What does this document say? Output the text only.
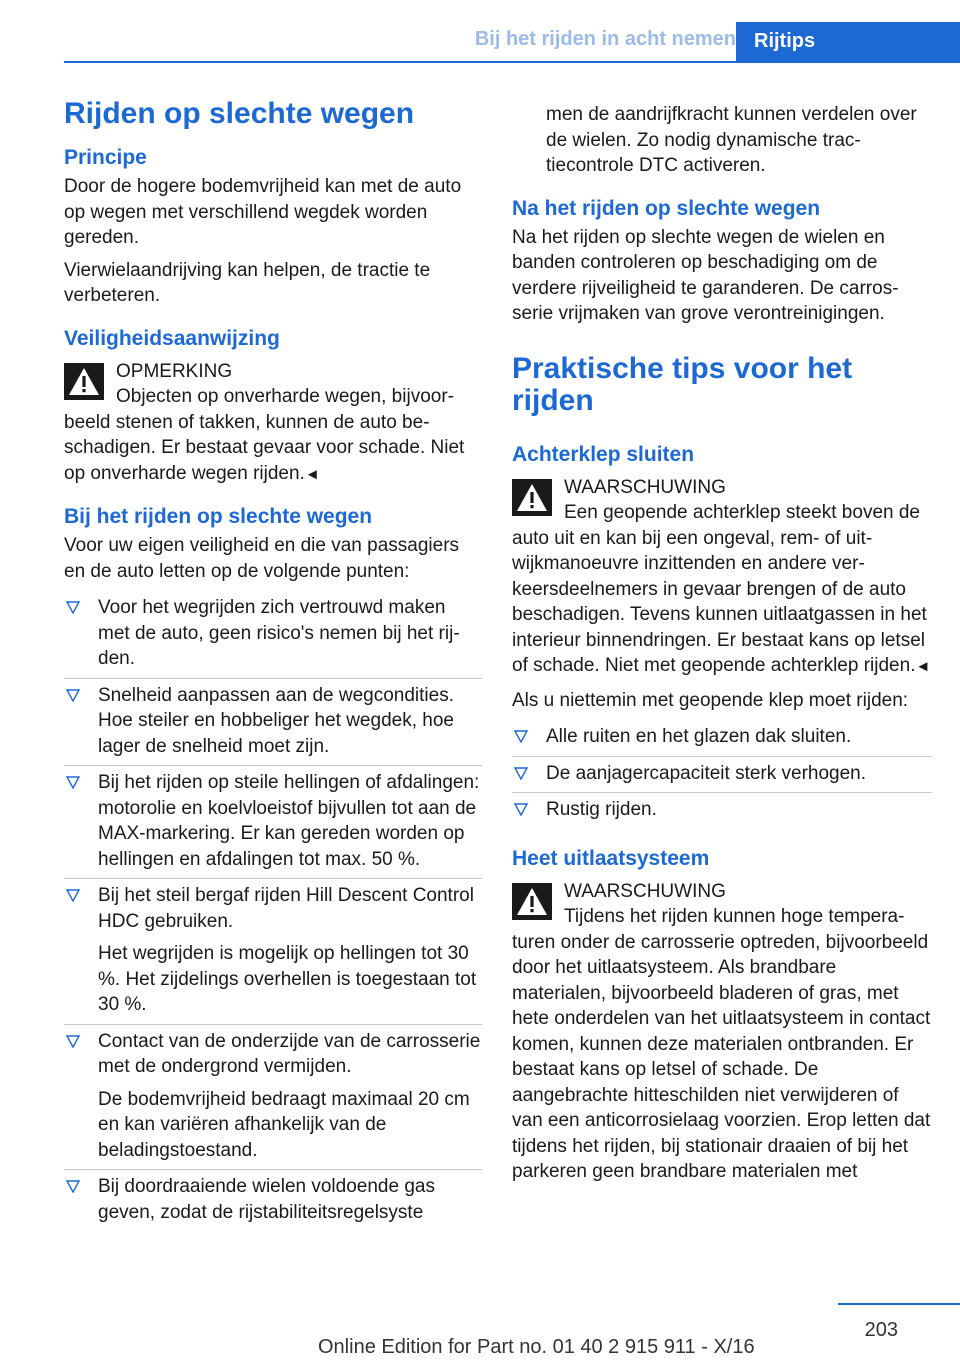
Bij het rijden in acht nemen Rijtips
Rijden op slechte wegen
Principe

Door de hogere bodemvrijheid kan met de auto op wegen met verschillend wegdek worden gereden.

Vierwielaandrijving kan helpen, de tractie te verbeteren.

Veiligheidsaanwijzing
OPMERKING
Objecten op onverharde wegen, bijvoorbeeld stenen of takken, kunnen de auto beschadigen. Er bestaat gevaar voor schade. Niet op onverharde wegen rijden.◄
Bij het rijden op slechte wegen

Voor uw eigen veiligheid en die van passagiers en de auto letten op de volgende punten:

Voor het wegrijden zich vertrouwd maken met de auto, geen risico's nemen bij het rijden.
Snelheid aanpassen aan de wegcondities. Hoe steiler en hobbeliger het wegdek, hoe lager de snelheid moet zijn.
Bij het rijden op steile hellingen of afdalingen: motorolie en koelvloeistof bijvullen tot aan de MAX-markering. Er kan gereden worden op hellingen en afdalingen tot max. 50 %.
Bij het steil bergaf rijden Hill Descent Control HDC gebruiken.
Het wegrijden is mogelijk op hellingen tot 30 %. Het zijdelings overhellen is toegestaan tot 30 %.
Contact van de onderzijde van de carrosserie met de ondergrond vermijden.
De bodemvrijheid bedraagt maximaal 20 cm en kan variëren afhankelijk van de beladingstoestand.
Bij doordraaiende wielen voldoende gas geven, zodat de rijstabiliteitsregelsyste

men de aandrijfkracht kunnen verdelen over de wielen. Zo nodig dynamische tractiecontrole DTC activeren.

Na het rijden op slechte wegen

Na het rijden op slechte wegen de wielen en banden controleren op beschadiging om de verdere rijveiligheid te garanderen. De carrosserie vrijmaken van grove verontreinigingen.

Praktische tips voor het rijden
Achterklep sluiten
WAARSCHUWING
Een geopende achterklep steekt boven de auto uit en kan bij een ongeval, rem- of uitwijkmanoeuvre inzittenden en andere verkeersdeelnemers in gevaar brengen of de auto beschadigen. Tevens kunnen uitlaatgassen in het interieur binnendringen. Er bestaat kans op letsel of schade. Niet met geopende achterklep rijden.◄

Als u niettemin met geopende klep moet rijden:

Alle ruiten en het glazen dak sluiten.
De aanjagercapaciteit sterk verhogen.
Rustig rijden.
Heet uitlaatsysteem
WAARSCHUWING
Tijdens het rijden kunnen hoge temperaturen onder de carrosserie optreden, bijvoorbeeld door het uitlaatsysteem. Als brandbare materialen, bijvoorbeeld bladeren of gras, met hete onderdelen van het uitlaatsysteem in contact komen, kunnen deze materialen ontbranden. Er bestaat kans op letsel of schade. De aangebrachte hitteschilden niet verwijderen of van een anticorrosielaag voorzien. Erop letten dat tijdens het rijden, bij stationair draaien of bij het parkeren geen brandbare materialen met
203
Online Edition for Part no. 01 40 2 915 911 - X/16
